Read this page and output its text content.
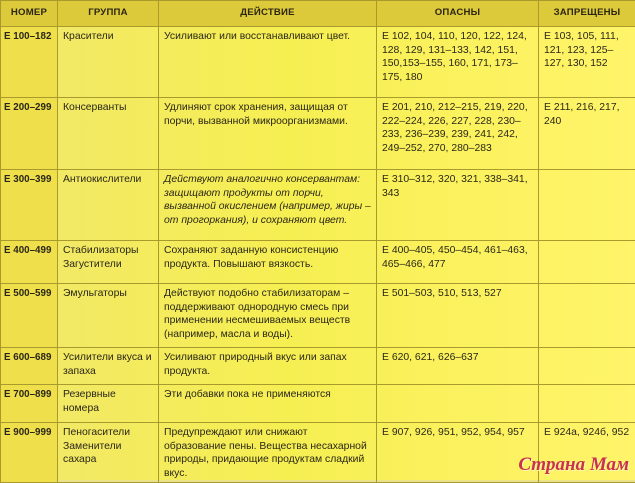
НОМЕР	ГРУППА	ДЕЙСТВИЕ	ОПАСНЫ	ЗАПРЕЩЕНЫ
Е 100–182	Красители	Усиливают или восстанавливают цвет.	Е 102, 104, 110, 120, 122, 124, 128, 129, 131–133, 142, 151, 150,153–155, 160, 171, 173–175, 180	Е 103, 105, 111, 121, 123, 125–127, 130, 152
Е 200–299	Консерванты	Удлиняют срок хранения, защищая от порчи, вызванной микроорганизмами.	Е 201, 210, 212–215, 219, 220, 222–224, 226, 227, 228, 230–233, 236–239, 239, 241, 242, 249–252, 270, 280–283	Е 211, 216, 217, 240
Е 300–399	Антиокислители	Действуют аналогично консервантам: защищают продукты от порчи, вызванной окислением (например, жиры – от прогоркания), и сохраняют цвет.	Е 310–312, 320, 321, 338–341, 343	
Е 400–499	Стабилизаторы Загустители	Сохраняют заданную консистенцию продукта. Повышают вязкость.	Е 400–405, 450–454, 461–463, 465–466, 477	
Е 500–599	Эмульгаторы	Действуют подобно стабилизаторам – поддерживают однородную смесь при применении несмешиваемых веществ (например, масла и воды).	Е 501–503, 510, 513, 527	
Е 600–689	Усилители вкуса и запаха	Усиливают природный вкус или запах продукта.	Е 620, 621, 626–637	
Е 700–899	Резервные номера	Эти добавки пока не применяются		
Е 900–999	Пеногасители Заменители сахара	Предупреждают или снижают образование пены. Вещества несахарной природы, придающие продуктам сладкий вкус.	Е 907, 926, 951, 952, 954, 957	Е 924а, 924б, 952
Страна Мам
